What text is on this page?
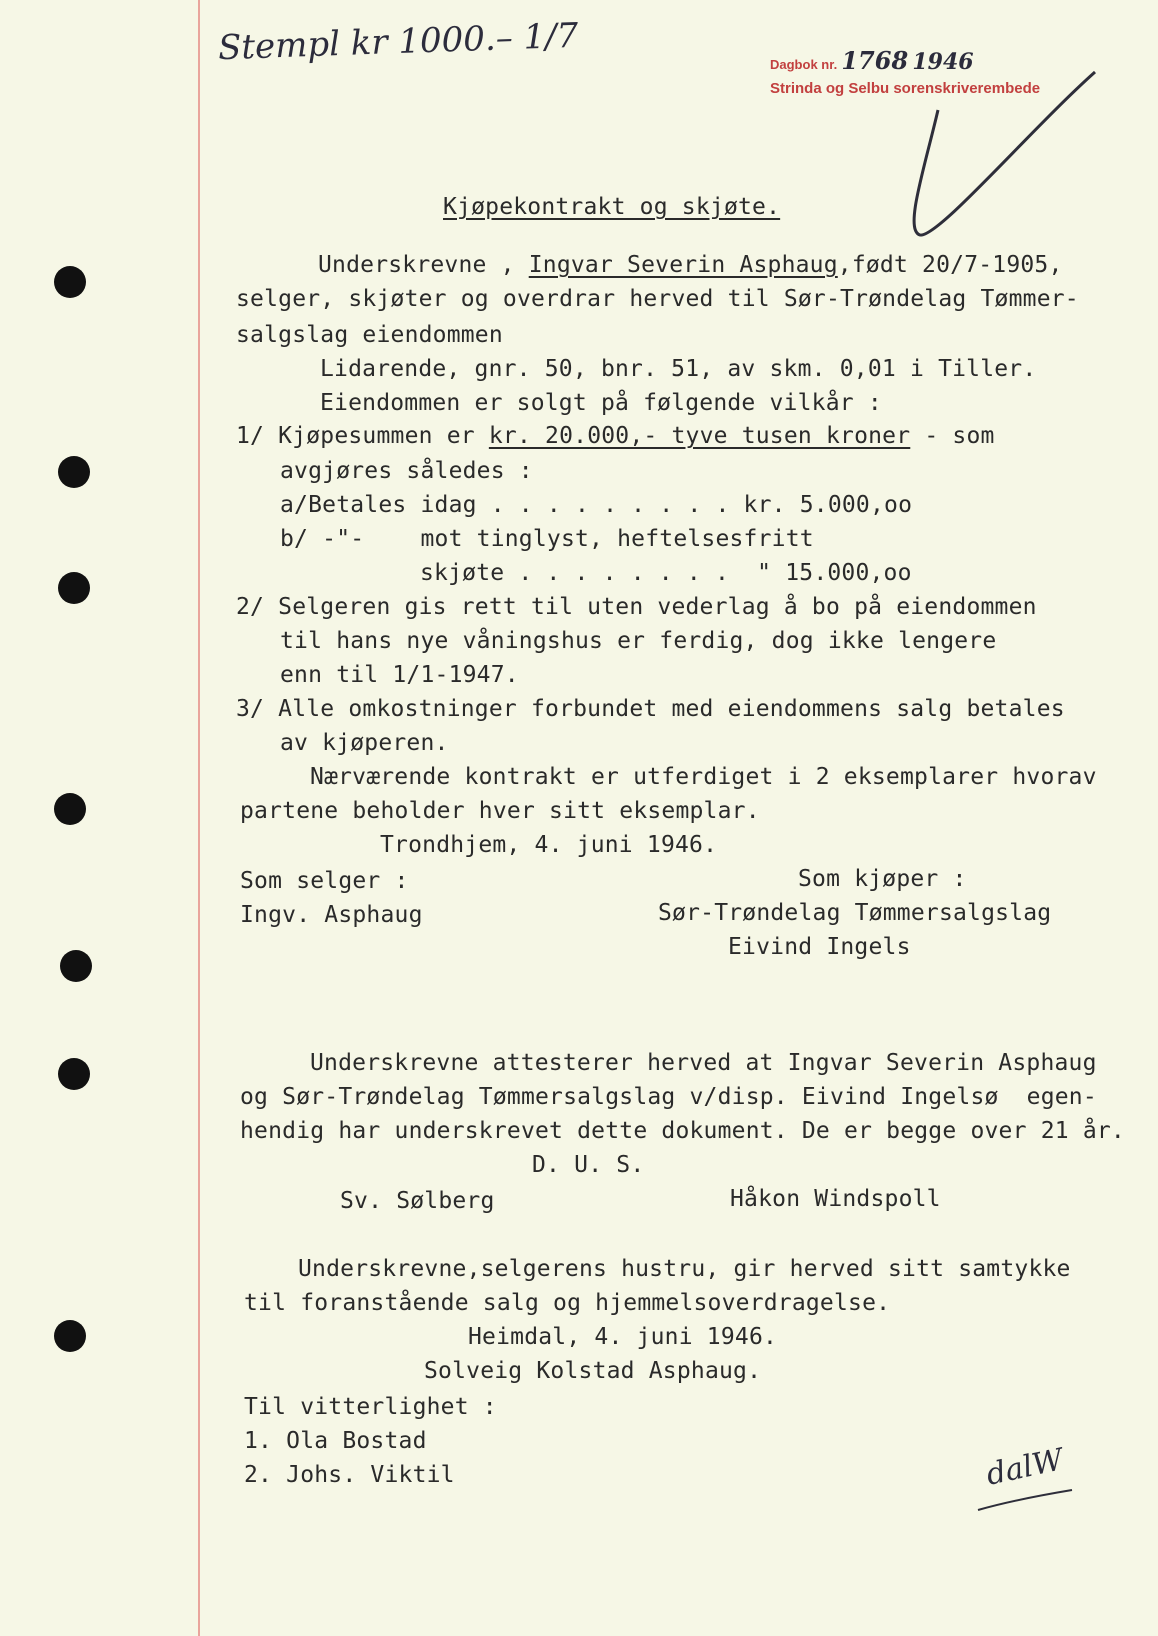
Stempl kr 1000.– 1/7	Dagbok nr. 1768 1946
Strinda og Selbu sorenskriverembede
Kjøpekontrakt og skjøte.
Underskrevne , Ingvar Severin Asphaug,født 20/7-1905,
selger, skjøter og overdrar herved til Sør-Trøndelag Tømmer-
salgslag eiendommen
Lidarende, gnr. 50, bnr. 51, av skm. 0,01 i Tiller.
Eiendommen er solgt på følgende vilkår :
1/ Kjøpesummen er kr. 20.000,- tyve tusen kroner - som
avgjøres således :
a/Betales idag . . . . . . . . . kr. 5.000,oo
b/ -"-    mot tinglyst, heftelsesfritt
skjøte . . . . . . . .  " 15.000,oo
2/ Selgeren gis rett til uten vederlag å bo på eiendommen
til hans nye våningshus er ferdig, dog ikke lengere
enn til 1/1-1947.
3/ Alle omkostninger forbundet med eiendommens salg betales
av kjøperen.
Nærværende kontrakt er utferdiget i 2 eksemplarer hvorav
partene beholder hver sitt eksemplar.
Trondhjem, 4. juni 1946.
Som selger :
Ingv. Asphaug
Som kjøper :
Sør-Trøndelag Tømmersalgslag
Eivind Ingels
Underskrevne attesterer herved at Ingvar Severin Asphaug
og Sør-Trøndelag Tømmersalgslag v/disp. Eivind Ingelsø  egen-
hendig har underskrevet dette dokument. De er begge over 21 år.
D. U. S.
Sv. Sølberg	Håkon Windspoll
Underskrevne,selgerens hustru, gir herved sitt samtykke
til foranstående salg og hjemmelsoverdragelse.
Heimdal, 4. juni 1946.
Solveig Kolstad Asphaug.
Til vitterlighet :
1. Ola Bostad
2. Johs. Viktil	dalW
